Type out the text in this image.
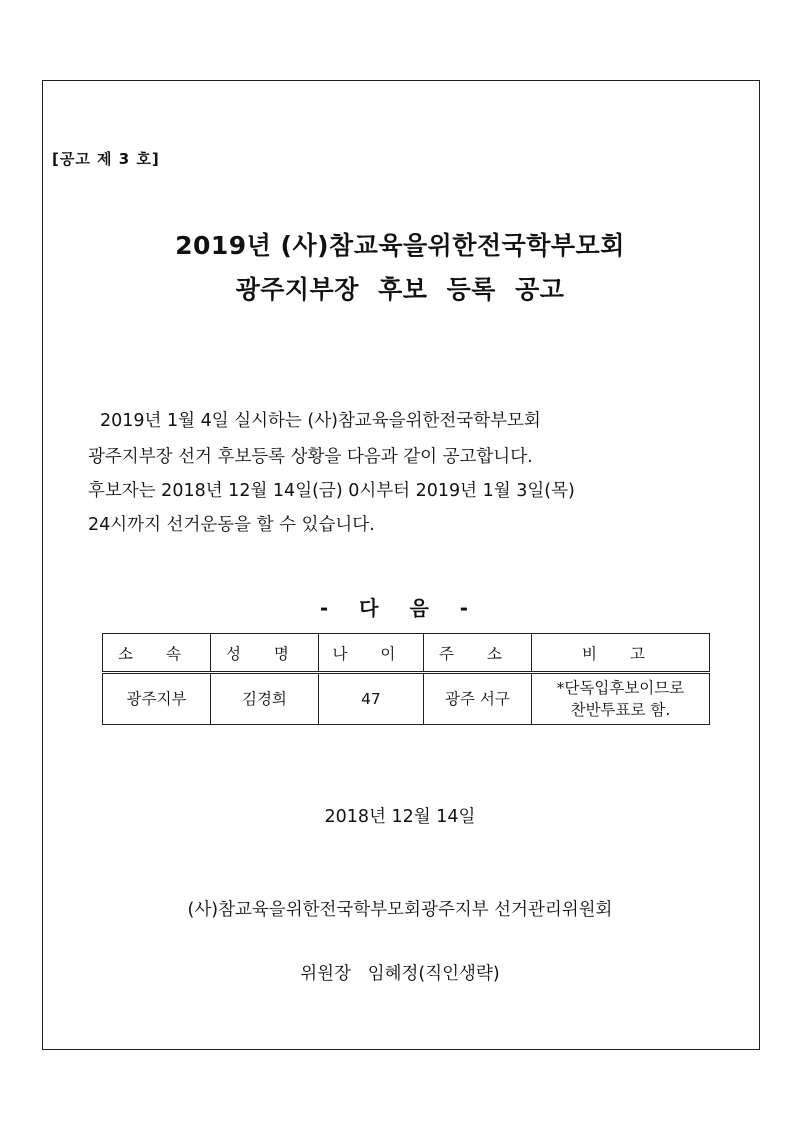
[공고 제 3 호]
2019년 (사)참교육을위한전국학부모회
광주지부장 후보 등록 공고
2019년 1월 4일 실시하는 (사)참교육을위한전국학부모회
광주지부장 선거 후보등록 상황을 다음과 같이 공고합니다.
후보자는 2018년 12월 14일(금) 0시부터 2019년 1월 3일(목)
24시까지 선거운동을 할 수 있습니다.
- 다 음 -
소 속	성 명	나 이	주 소	비 고
광주지부	김경희	47	광주 서구	*단독입후보이므로
찬반투표로 함.
2018년 12월 14일
(사)참교육을위한전국학부모회광주지부 선거관리위원회
위원장 임혜정(직인생략)
